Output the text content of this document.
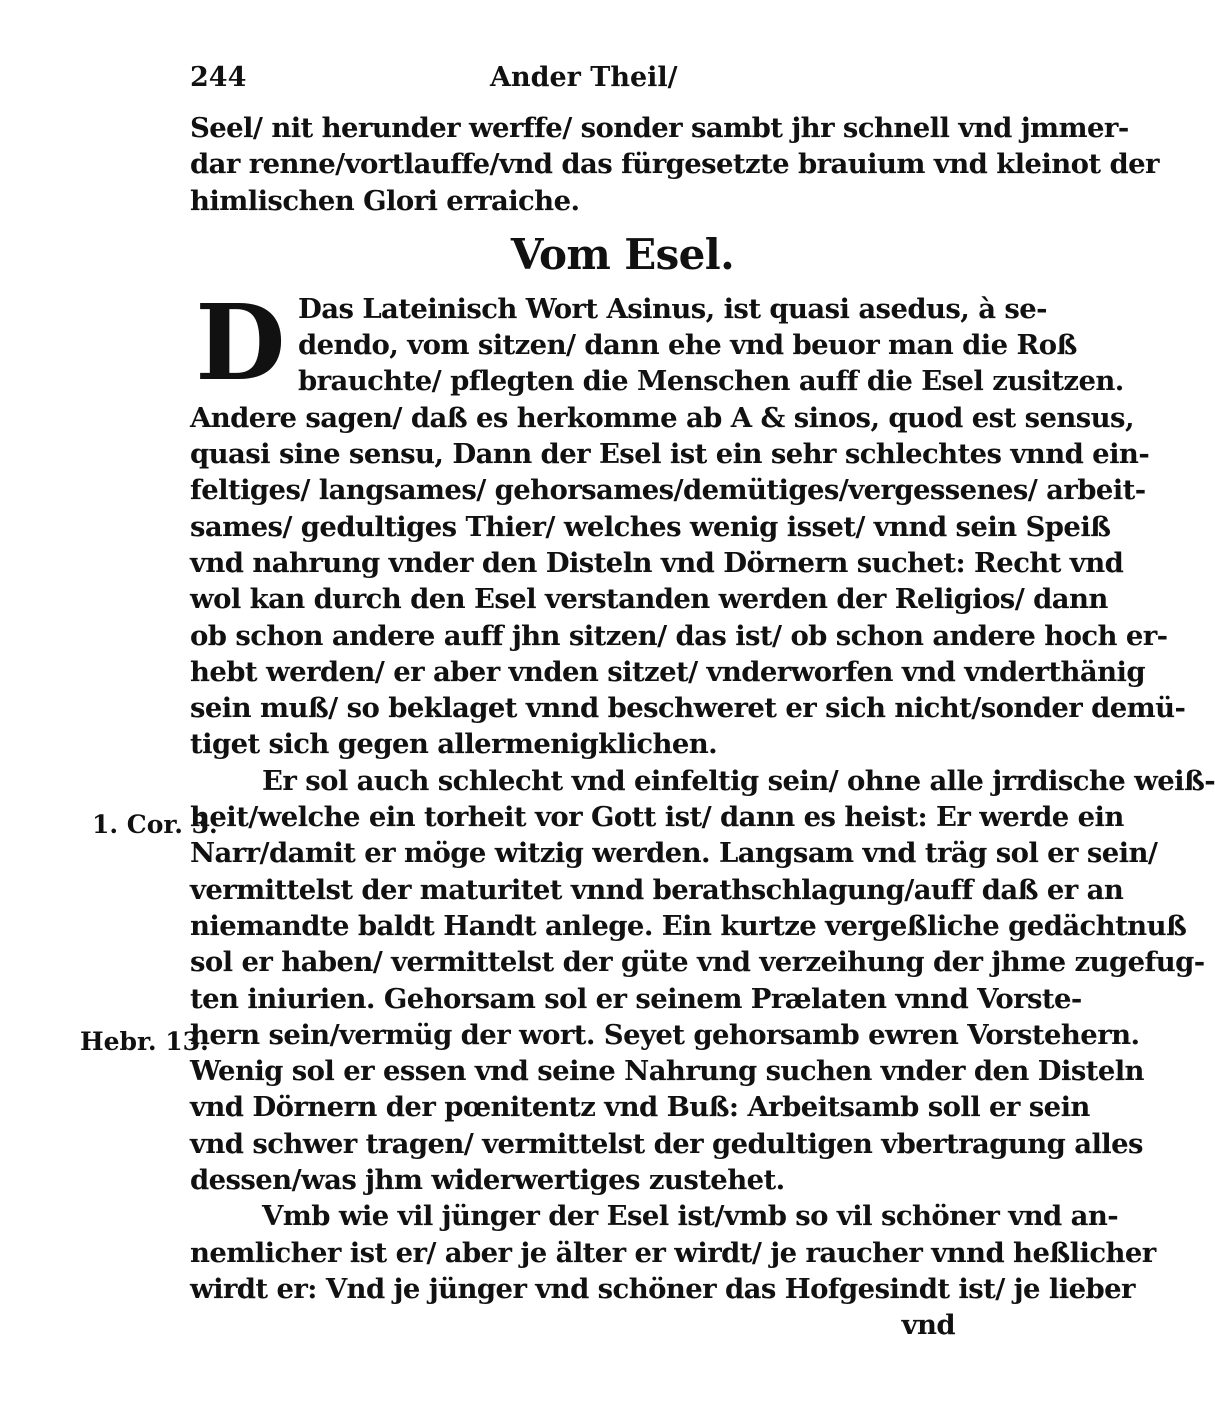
244	Ander Theil/
Seel/ nit herunder werffe/ sonder sambt jhr schnell vnd jmmer-
dar renne/vortlauffe/vnd das fürgesetzte brauium vnd kleinot der
himlischen Glori erraiche.
Vom Esel.
D Das Lateinisch Wort Asinus, ist quasi asedus, à se-
dendo, vom sitzen/ dann ehe vnd beuor man die Roß
brauchte/ pflegten die Menschen auff die Esel zusitzen.
Andere sagen/ daß es herkomme ab A & sinos, quod est sensus,
quasi sine sensu, Dann der Esel ist ein sehr schlechtes vnnd ein-
feltiges/ langsames/ gehorsames/demütiges/vergessenes/ arbeit-
sames/ gedultiges Thier/ welches wenig isset/ vnnd sein Speiß
vnd nahrung vnder den Disteln vnd Dörnern suchet: Recht vnd
wol kan durch den Esel verstanden werden der Religios/ dann
ob schon andere auff jhn sitzen/ das ist/ ob schon andere hoch er-
hebt werden/ er aber vnden sitzet/ vnderworfen vnd vnderthänig
sein muß/ so beklaget vnnd beschweret er sich nicht/sonder demü-
tiget sich gegen allermenigklichen.
Er sol auch schlecht vnd einfeltig sein/ ohne alle jrrdische weiß-
heit/welche ein torheit vor Gott ist/ dann es heist: Er werde ein
Narr/damit er möge witzig werden. Langsam vnd träg sol er sein/
vermittelst der maturitet vnnd berathschlagung/auff daß er an
niemandte baldt Handt anlege. Ein kurtze vergeßliche gedächtnuß
sol er haben/ vermittelst der güte vnd verzeihung der jhme zugefug-
ten iniurien. Gehorsam sol er seinem Prælaten vnnd Vorste-
hern sein/vermüg der wort. Seyet gehorsamb ewren Vorstehern.
Wenig sol er essen vnd seine Nahrung suchen vnder den Disteln
vnd Dörnern der pœnitentz vnd Buß: Arbeitsamb soll er sein
vnd schwer tragen/ vermittelst der gedultigen vbertragung alles
dessen/was jhm widerwertiges zustehet.
Vmb wie vil jünger der Esel ist/vmb so vil schöner vnd an-
nemlicher ist er/ aber je älter er wirdt/ je raucher vnnd heßlicher
wirdt er: Vnd je jünger vnd schöner das Hofgesindt ist/ je lieber
vnd
1. Cor. 3.
Hebr. 13.
